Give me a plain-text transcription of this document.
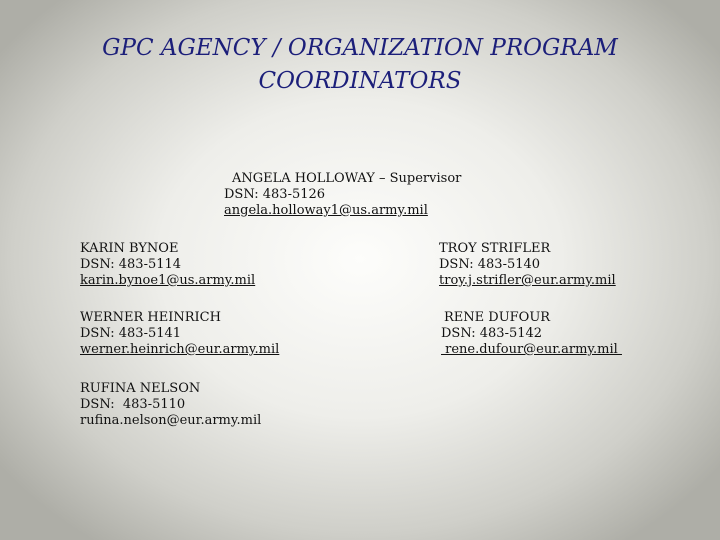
GPC AGENCY / ORGANIZATION PROGRAM
COORDINATORS
ANGELA HOLLOWAY – Supervisor
DSN: 483-5126
angela.holloway1@us.army.mil
KARIN BYNOE
DSN: 483-5114
karin.bynoe1@us.army.mil
TROY STRIFLER
DSN: 483-5140
troy.j.strifler@eur.army.mil
WERNER HEINRICH
DSN: 483-5141
werner.heinrich@eur.army.mil
RENE DUFOUR
DSN: 483-5142
rene.dufour@eur.army.mil
RUFINA NELSON
DSN:  483-5110
rufina.nelson@eur.army.mil
